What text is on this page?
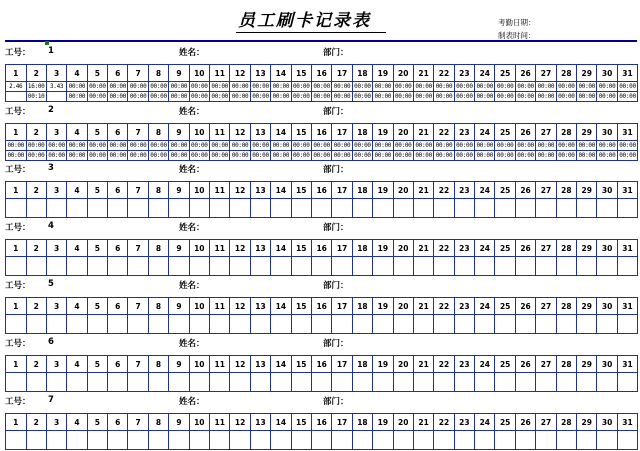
员工刷卡记录表	考勤日期：
制表时间：
工号： 1	姓名：	部门：
1	2	3	4	5	6	7	8	9	10	11	12	13	14	15	16	17	18	19	20	21	22	23	24	25	26	27	28	29	30	31
2.46	16:00	3.43	00:00	00:00	00:00	00:00	00:00	00:00	00:00	00:00	00:00	00:00	00:00	00:00	00:00	00:00	00:00	00:00	00:00	00:00	00:00	00:00	00:00	00:00	00:00	00:00	00:00	00:00	00:00	00:00
	00:10		00:00	00:00	00:00	00:00	00:00	00:00	00:00	00:00	00:00	00:00	00:00	00:00	00:00	00:00	00:00	00:00	00:00	00:00	00:00	00:00	00:00	00:00	00:00	00:00	00:00	00:00	00:00	00:00
工号： 2	姓名：	部门：
1	2	3	4	5	6	7	8	9	10	11	12	13	14	15	16	17	18	19	20	21	22	23	24	25	26	27	28	29	30	31
00:00	00:00	00:00	00:00	00:00	00:00	00:00	00:00	00:00	00:00	00:00	00:00	00:00	00:00	00:00	00:00	00:00	00:00	00:00	00:00	00:00	00:00	00:00	00:00	00:00	00:00	00:00	00:00	00:00	00:00	00:00
00:00	00:00	00:00	00:00	00:00	00:00	00:00	00:00	00:00	00:00	00:00	00:00	00:00	00:00	00:00	00:00	00:00	00:00	00:00	00:00	00:00	00:00	00:00	00:00	00:00	00:00	00:00	00:00	00:00	00:00	00:00
工号： 3	姓名：	部门：
1	2	3	4	5	6	7	8	9	10	11	12	13	14	15	16	17	18	19	20	21	22	23	24	25	26	27	28	29	30	31

工号： 4	姓名：	部门：
1	2	3	4	5	6	7	8	9	10	11	12	13	14	15	16	17	18	19	20	21	22	23	24	25	26	27	28	29	30	31

工号： 5	姓名：	部门：
1	2	3	4	5	6	7	8	9	10	11	12	13	14	15	16	17	18	19	20	21	22	23	24	25	26	27	28	29	30	31

工号： 6	姓名：	部门：
1	2	3	4	5	6	7	8	9	10	11	12	13	14	15	16	17	18	19	20	21	22	23	24	25	26	27	28	29	30	31

工号： 7	姓名：	部门：
1	2	3	4	5	6	7	8	9	10	11	12	13	14	15	16	17	18	19	20	21	22	23	24	25	26	27	28	29	30	31
